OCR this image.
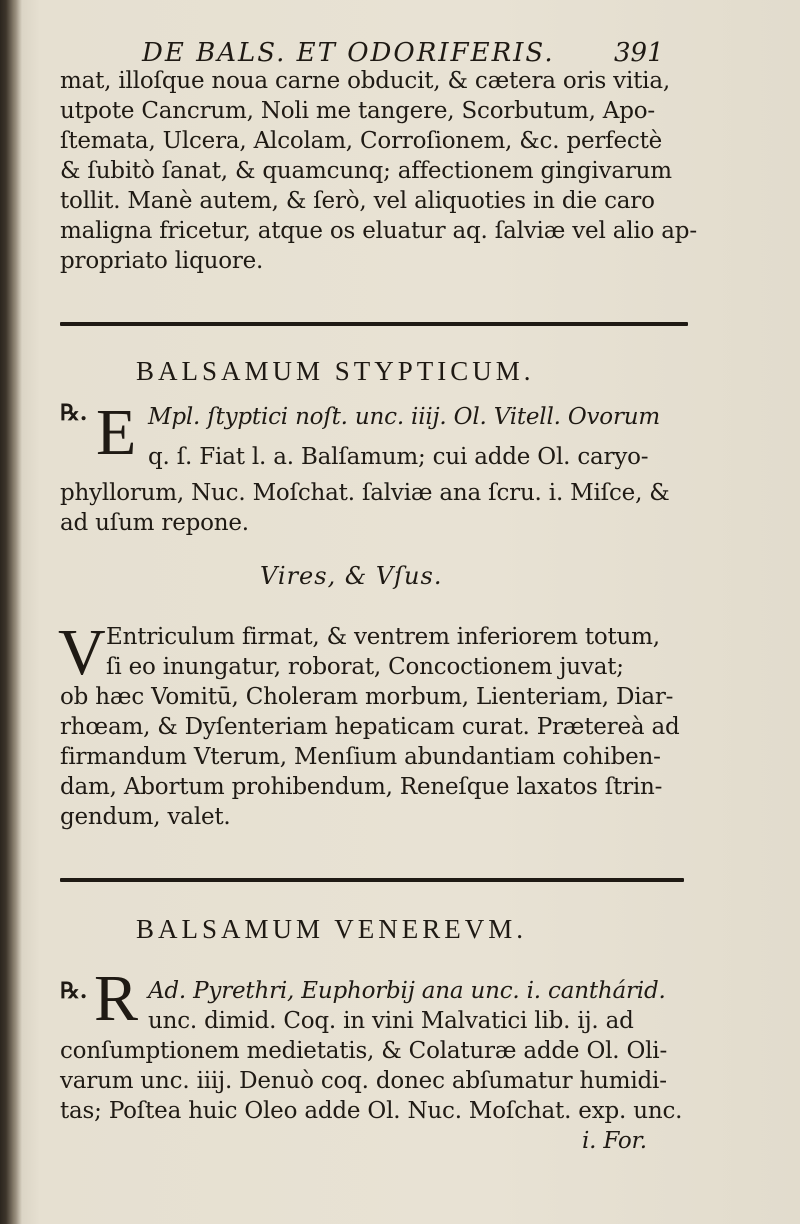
DE BALS. ET ODORIFERIS. 391
mat, illoſque noua carne obducit, & cætera oris vitia,
utpote Cancrum, Noli me tangere, Scorbutum, Apo-
ſtemata, Ulcera, Alcolam, Corroſionem, &c. perfectè
& ſubitò ſanat, & quamcunq; affectionem gingivarum
tollit. Manè autem, & ſerò, vel aliquoties in die caro
maligna fricetur, atque os eluatur aq. ſalviæ vel alio ap-
propriato liquore.
BALSAMUM STYPTICUM.
℞. E Mpl. ſtyptici noſt. unc. iiij. Ol. Vitell. Ovorum
q. ſ. Fiat l. a. Balſamum; cui adde Ol. caryo-
phyllorum, Nuc. Moſchat. ſalviæ ana ſcru. i. Miſce, &
ad uſum repone.
Vires, & Vſus.
V Entriculum firmat, & ventrem inferiorem totum,
ſi eo inungatur, roborat, Concoctionem juvat;
ob hæc Vomitū, Choleram morbum, Lienteriam, Diar-
rhœam, & Dyſenteriam hepaticam curat. Prætereà ad
firmandum Vterum, Menſium abundantiam cohiben-
dam, Abortum prohibendum, Reneſque laxatos ſtrin-
gendum, valet.
BALSAMUM VENEREVM.
℞. R Ad. Pyrethri, Euphorbij ana unc. i. canthárid.
unc. dimid. Coq. in vini Malvatici lib. ij. ad
conſumptionem medietatis, & Colaturæ adde Ol. Oli-
varum unc. iiij. Denuò coq. donec abſumatur humidi-
tas; Poſtea huic Oleo adde Ol. Nuc. Moſchat. exp. unc.
i. For.
